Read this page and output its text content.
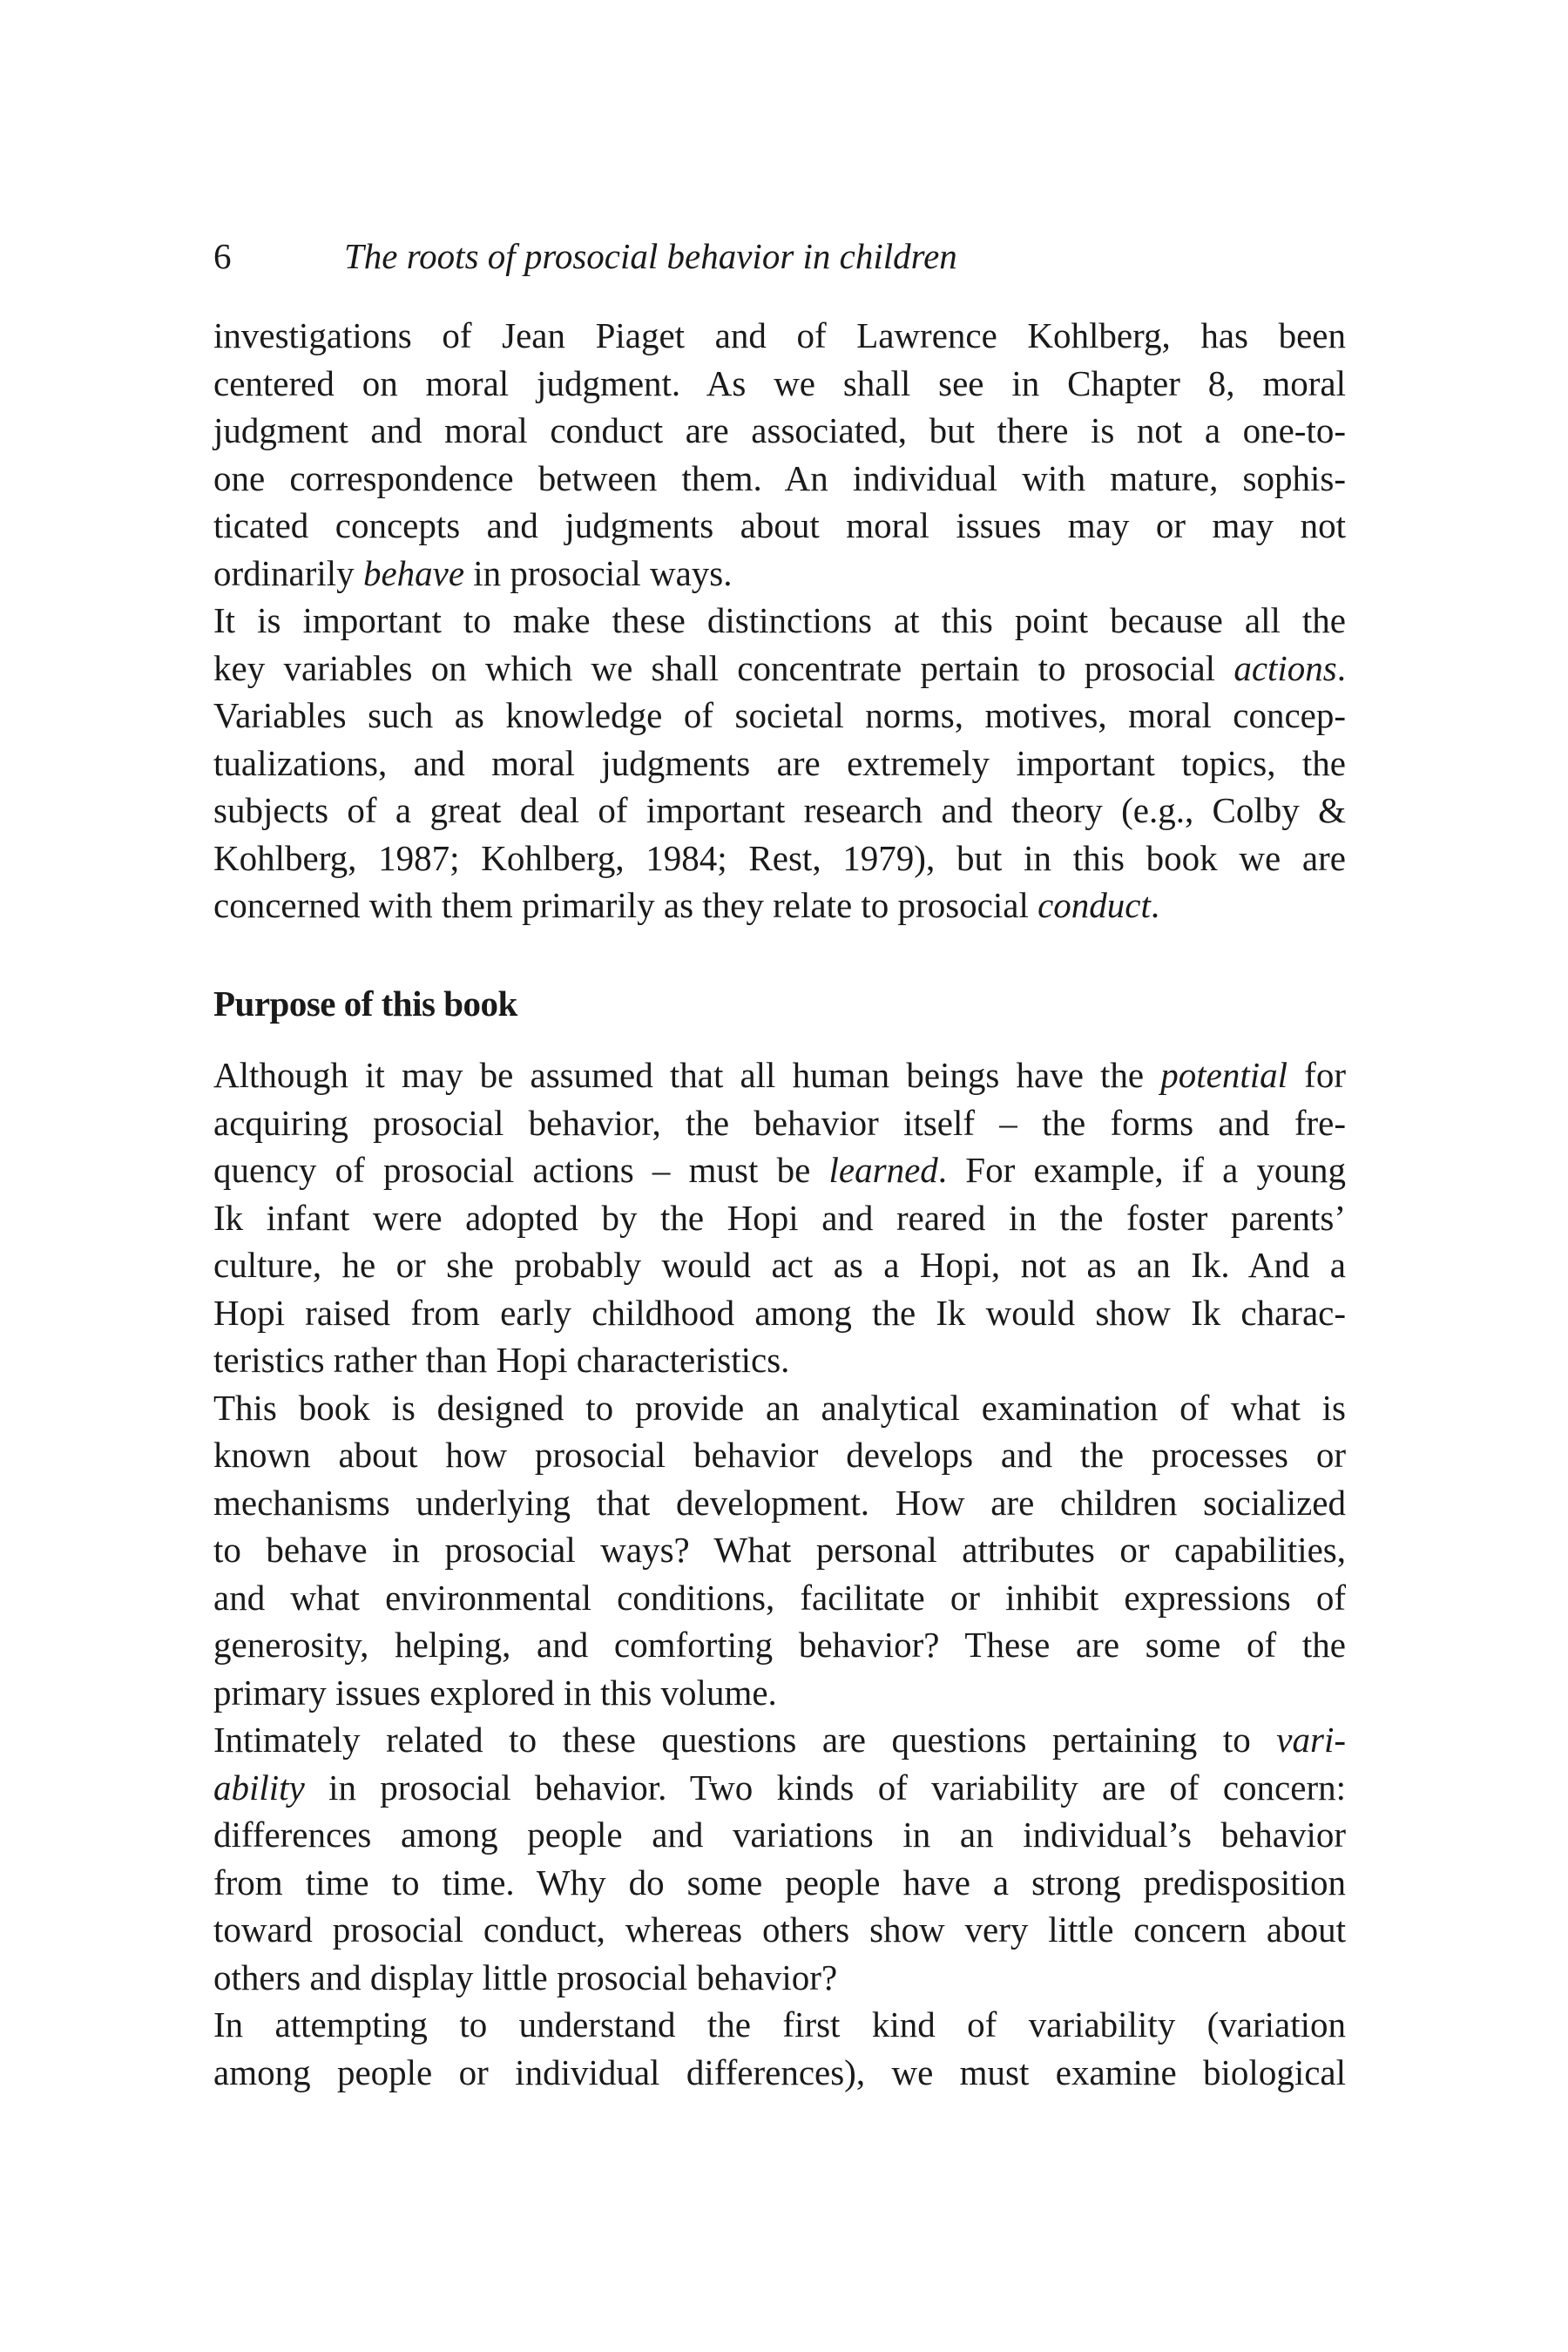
6	The roots of prosocial behavior in children
investigations of Jean Piaget and of Lawrence Kohlberg, has been
centered on moral judgment. As we shall see in Chapter 8, moral
judgment and moral conduct are associated, but there is not a one-to-
one correspondence between them. An individual with mature, sophis-
ticated concepts and judgments about moral issues may or may not
ordinarily behave in prosocial ways.
It is important to make these distinctions at this point because all the
key variables on which we shall concentrate pertain to prosocial actions.
Variables such as knowledge of societal norms, motives, moral concep-
tualizations, and moral judgments are extremely important topics, the
subjects of a great deal of important research and theory (e.g., Colby &
Kohlberg, 1987; Kohlberg, 1984; Rest, 1979), but in this book we are
concerned with them primarily as they relate to prosocial conduct.
Purpose of this book
Although it may be assumed that all human beings have the potential for
acquiring prosocial behavior, the behavior itself – the forms and fre-
quency of prosocial actions – must be learned. For example, if a young
Ik infant were adopted by the Hopi and reared in the foster parents’
culture, he or she probably would act as a Hopi, not as an Ik. And a
Hopi raised from early childhood among the Ik would show Ik charac-
teristics rather than Hopi characteristics.
This book is designed to provide an analytical examination of what is
known about how prosocial behavior develops and the processes or
mechanisms underlying that development. How are children socialized
to behave in prosocial ways? What personal attributes or capabilities,
and what environmental conditions, facilitate or inhibit expressions of
generosity, helping, and comforting behavior? These are some of the
primary issues explored in this volume.
Intimately related to these questions are questions pertaining to vari-
ability in prosocial behavior. Two kinds of variability are of concern:
differences among people and variations in an individual’s behavior
from time to time. Why do some people have a strong predisposition
toward prosocial conduct, whereas others show very little concern about
others and display little prosocial behavior?
In attempting to understand the first kind of variability (variation
among people or individual differences), we must examine biological
